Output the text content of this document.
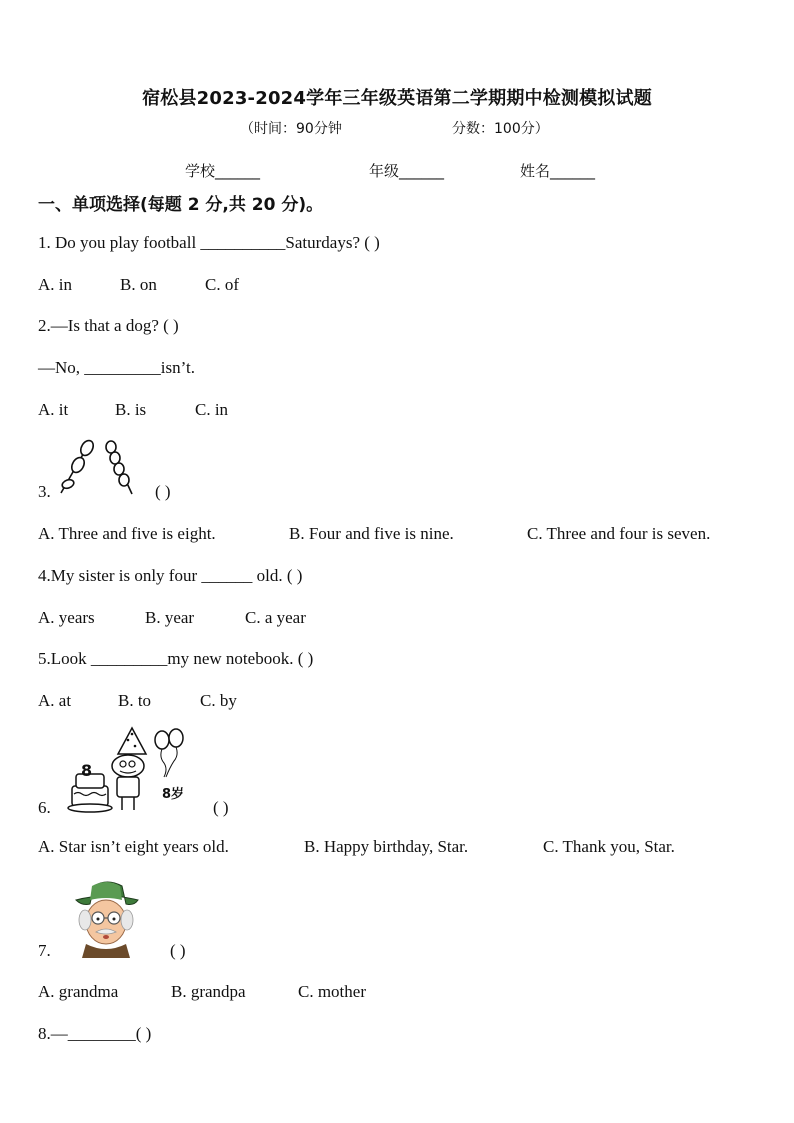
宿松县2023-2024学年三年级英语第二学期期中检测模拟试题
（时间：90分钟	分数：100分）
学校______	年级______	姓名______
一、单项选择(每题 2 分,共 20 分)。
1. Do you play football __________Saturdays? ( )
A. in	B. on	C. of
2.—Is that a dog? ( )
—No, _________isn’t.
A. it	B. is	C. in
3.	( )
A. Three and five is eight.	B. Four and five is nine.	C. Three and four is seven.
4.My sister is only four ______ old. ( )
A. years	B. year	C. a year
5.Look _________my new notebook. ( )
A. at	B. to	C. by
6.
8
8岁
( )
A. Star isn’t eight years old.	B. Happy birthday, Star.	C. Thank you, Star.
7.	( )
A. grandma	B. grandpa	C. mother
8.—________( )
